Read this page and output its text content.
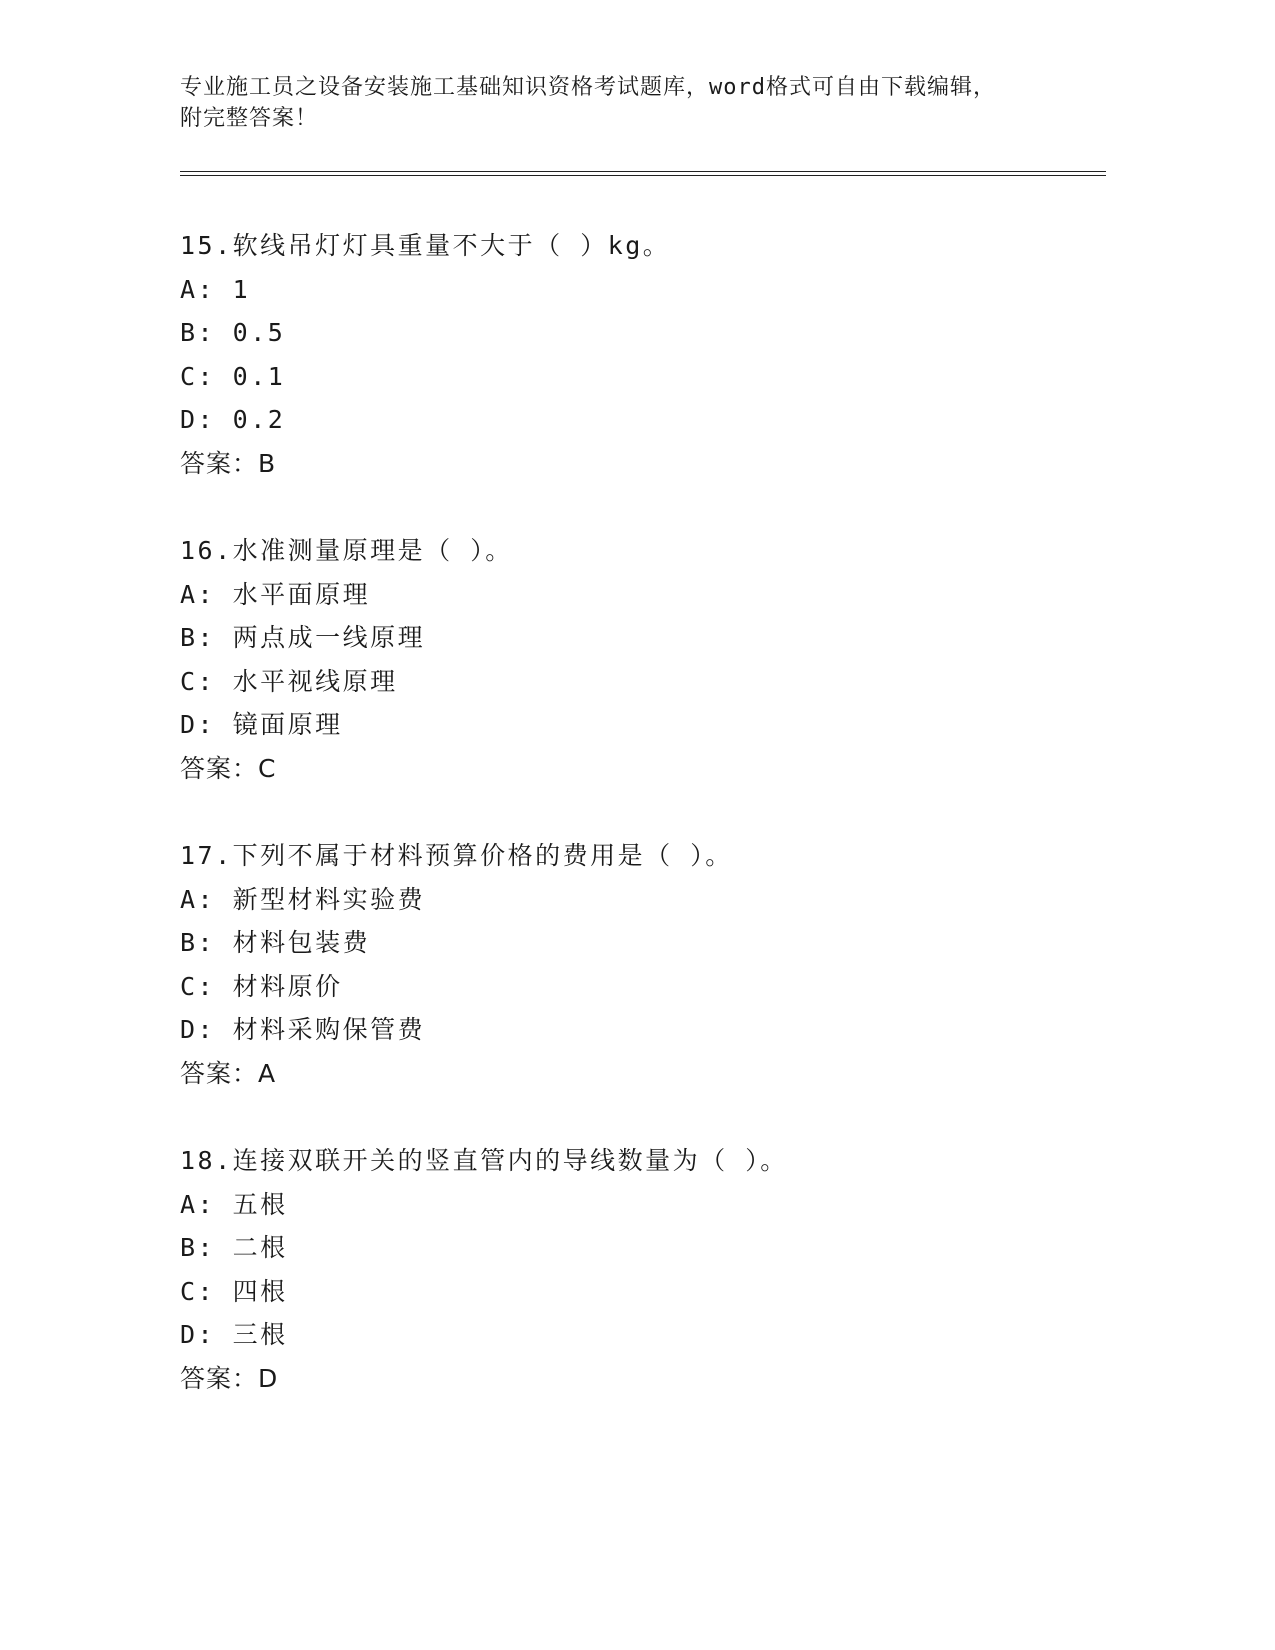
专业施工员之设备安装施工基础知识资格考试题库，word格式可自由下载编辑，
附完整答案！
15.软线吊灯灯具重量不大于（ ）kg。
A: 1
B: 0.5
C: 0.1
D: 0.2
答案：B
16.水准测量原理是（ ）。
A: 水平面原理
B: 两点成一线原理
C: 水平视线原理
D: 镜面原理
答案：C
17.下列不属于材料预算价格的费用是（ ）。
A: 新型材料实验费
B: 材料包装费
C: 材料原价
D: 材料采购保管费
答案：A
18.连接双联开关的竖直管内的导线数量为（ ）。
A: 五根
B: 二根
C: 四根
D: 三根
答案：D
